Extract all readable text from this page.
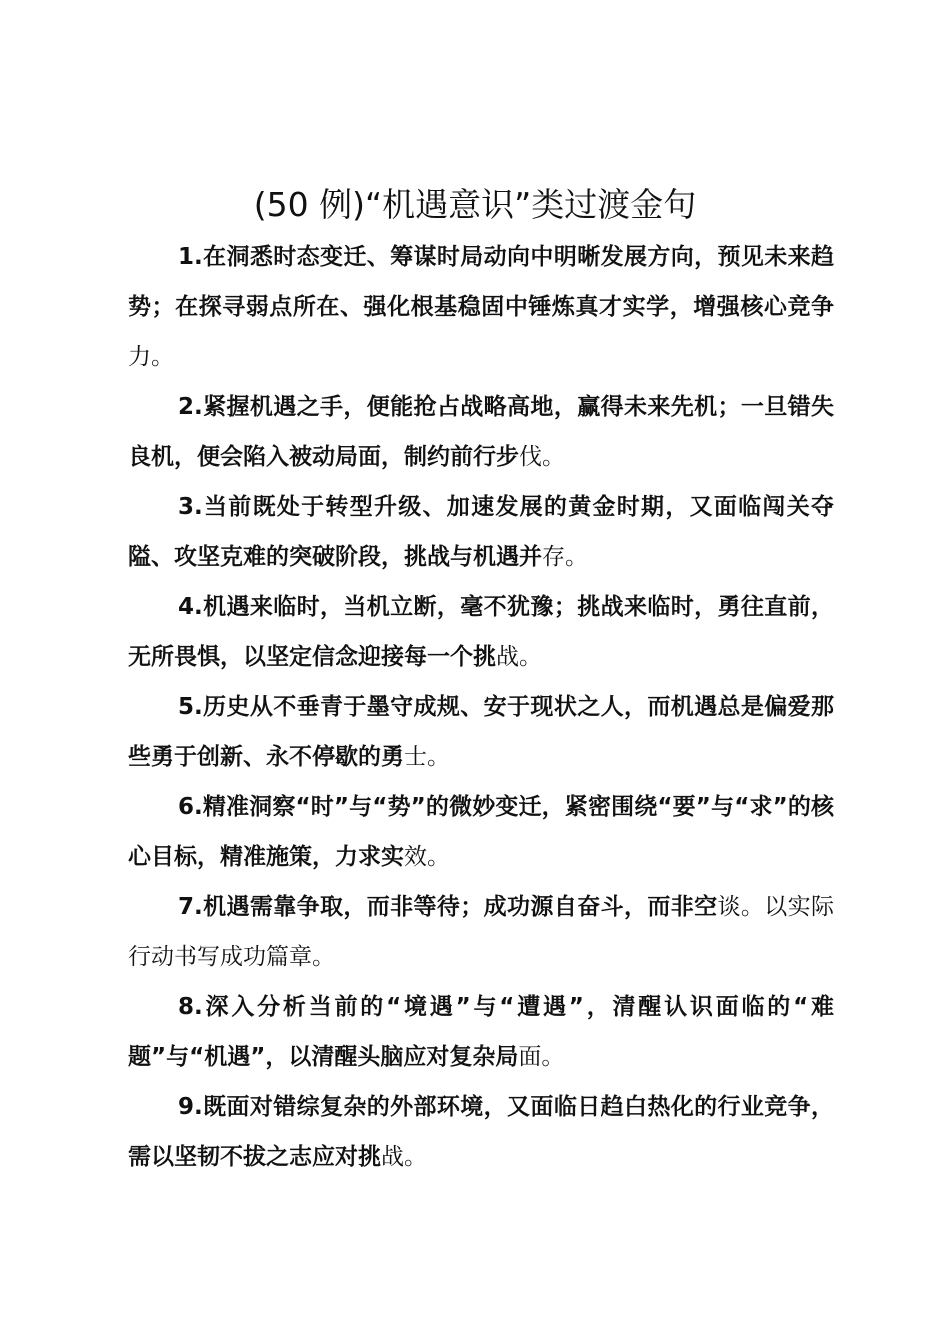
(50 例)“机遇意识”类过渡金句

1.在洞悉时态变迁、筹谋时局动向中明晰发展方向，预见未来趋势；在探寻弱点所在、强化根基稳固中锤炼真才实学，增强核心竞争力。

2.紧握机遇之手，便能抢占战略高地，赢得未来先机；一旦错失良机，便会陷入被动局面，制约前行步伐。

3.当前既处于转型升级、加速发展的黄金时期，又面临闯关夺隘、攻坚克难的突破阶段，挑战与机遇并存。

4.机遇来临时，当机立断，毫不犹豫；挑战来临时，勇往直前，无所畏惧，以坚定信念迎接每一个挑战。

5.历史从不垂青于墨守成规、安于现状之人，而机遇总是偏爱那些勇于创新、永不停歇的勇士。

6.精准洞察“时”与“势”的微妙变迁，紧密围绕“要”与“求”的核心目标，精准施策，力求实效。

7.机遇需靠争取，而非等待；成功源自奋斗，而非空谈。以实际行动书写成功篇章。

8.深入分析当前的“境遇”与“遭遇”，清醒认识面临的“难题”与“机遇”，以清醒头脑应对复杂局面。

9.既面对错综复杂的外部环境，又面临日趋白热化的行业竞争，需以坚韧不拔之志应对挑战。
